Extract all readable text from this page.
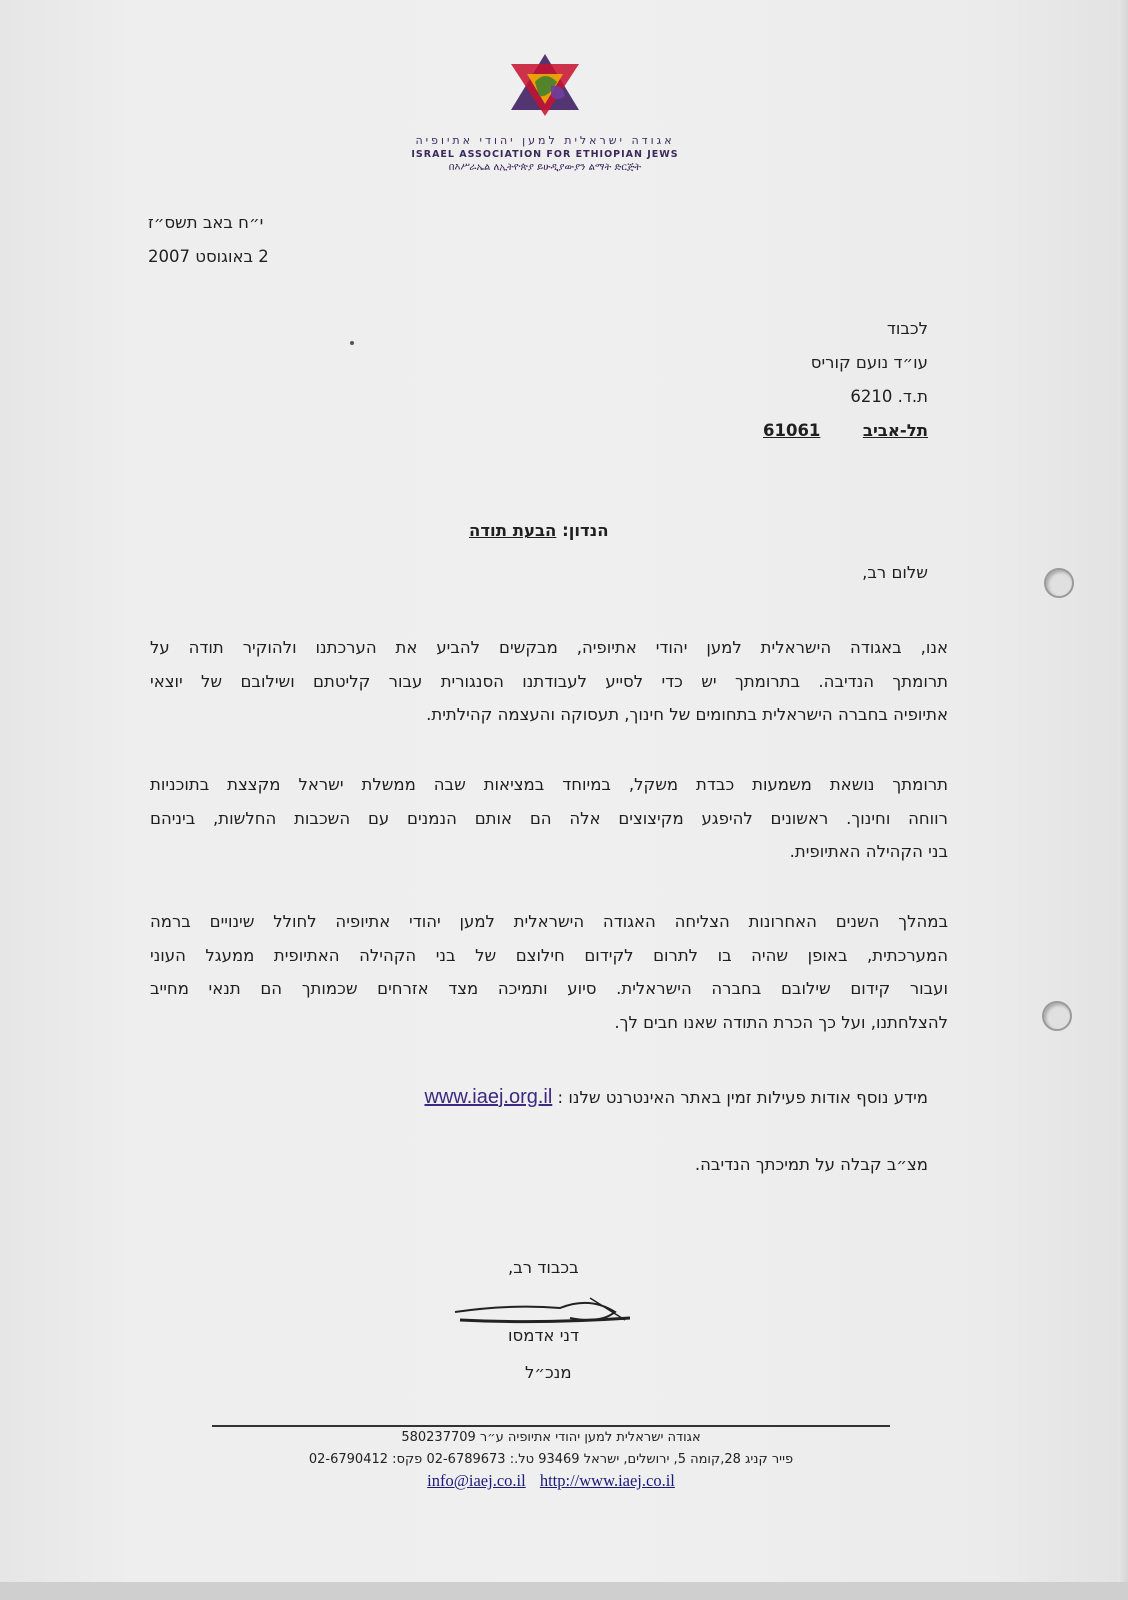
אגודה ישראלית למען יהודי אתיופיה
ISRAEL ASSOCIATION FOR ETHIOPIAN JEWS
በእሥራኤል ለኢትዮጵያ ይሁዲያውያን ልማት ድርጅት
י״ח באב תשס״ז
2 באוגוסט 2007
לכבוד
עו״ד נועם קוריס
ת.ד. 6210
תל-אביב
61061
הנדון: הבעת תודה
שלום רב,
אנו, באגודה הישראלית למען יהודי אתיופיה, מבקשים להביע את הערכתנו ולהוקיר תודה על
תרומתך הנדיבה. בתרומתך יש כדי לסייע לעבודתנו הסנגורית עבור קליטתם ושילובם של יוצאי
אתיופיה בחברה הישראלית בתחומים של חינוך, תעסוקה והעצמה קהילתית.
תרומתך נושאת משמעות כבדת משקל, במיוחד במציאות שבה ממשלת ישראל מקצצת בתוכניות
רווחה וחינוך. ראשונים להיפגע מקיצוצים אלה הם אותם הנמנים עם השכבות החלשות, ביניהם
בני הקהילה האתיופית.
במהלך השנים האחרונות הצליחה האגודה הישראלית למען יהודי אתיופיה לחולל שינויים ברמה
המערכתית, באופן שהיה בו לתרום לקידום חילוצם של בני הקהילה האתיופית ממעגל העוני
ועבור קידום שילובם בחברה הישראלית. סיוע ותמיכה מצד אזרחים שכמותך הם תנאי מחייב
להצלחתנו, ועל כך הכרת התודה שאנו חבים לך.
מידע נוסף אודות פעילות זמין באתר האינטרנט שלנו : www.iaej.org.il
מצ״ב קבלה על תמיכתך הנדיבה.
בכבוד רב,
דני אדמסו
מנכ״ל
אגודה ישראלית למען יהודי אתיופיה ע״ר 580237709
פייר קניג 28,קומה 5, ירושלים, ישראל 93469 טל.: 02-6789673 פקס: 02-6790412
info@iaej.co.il http://www.iaej.co.il
